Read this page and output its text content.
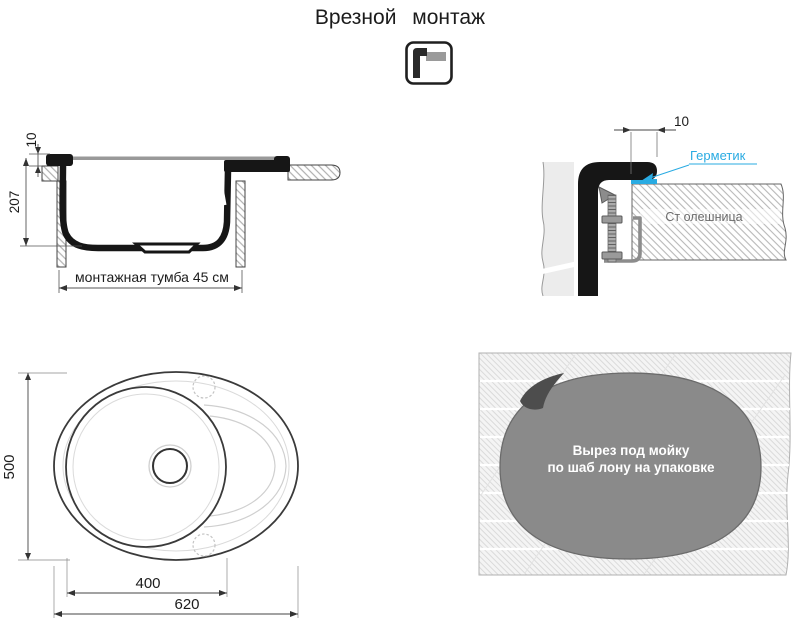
Врезной монтаж
10
207
монтажная тумба 45 см
Ст олешница
10
Герметик
500
400
620
Вырез под мойку
по шаб лону на упаковке
